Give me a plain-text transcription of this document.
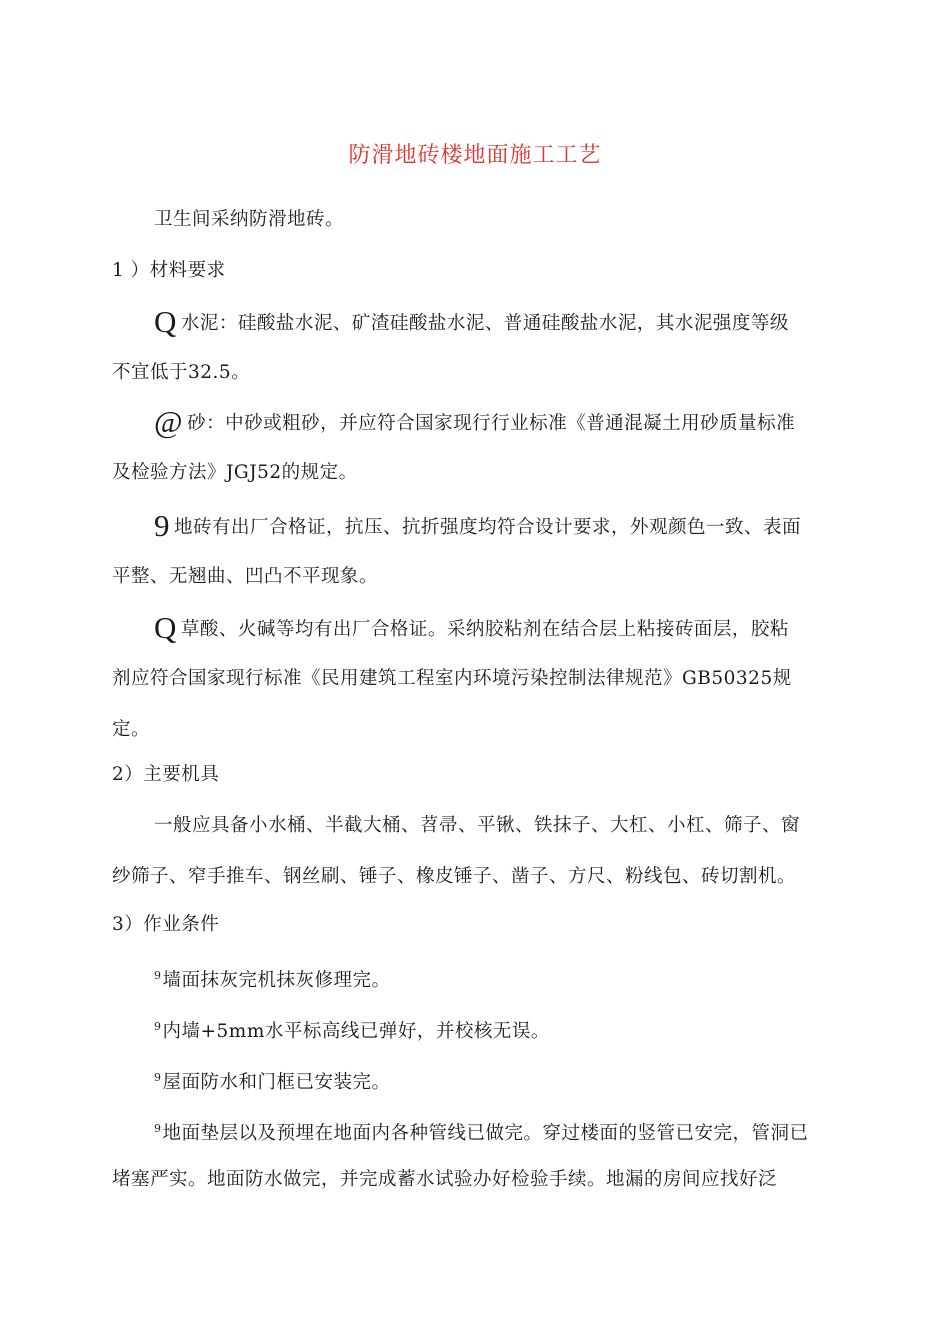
防滑地砖楼地面施工工艺
卫生间采纳防滑地砖。
1 ）材料要求
Q水泥：硅酸盐水泥、矿渣硅酸盐水泥、普通硅酸盐水泥，其水泥强度等级
不宜低于32.5。
@ 砂：中砂或粗砂，并应符合国家现行行业标准《普通混凝土用砂质量标准
及检验方法》JGJ52的规定。
9 地砖有出厂合格证，抗压、抗折强度均符合设计要求，外观颜色一致、表面
平整、无翘曲、凹凸不平现象。
Q草酸、火碱等均有出厂合格证。采纳胶粘剂在结合层上粘接砖面层，胶粘
剂应符合国家现行标准《民用建筑工程室内环境污染控制法律规范》GB50325规
定。
2）主要机具
一般应具备小水桶、半截大桶、苕帚、平锹、铁抹子、大杠、小杠、筛子、窗
纱筛子、窄手推车、钢丝刷、锤子、橡皮锤子、凿子、方尺、粉线包、砖切割机。
3）作业条件
$^9$墙面抹灰完机抹灰修理完。
$^9$内墙+5mm水平标高线已弹好，并校核无误。
$^9$屋面防水和门框已安装完。
$^9$地面垫层以及预埋在地面内各种管线已做完。穿过楼面的竖管已安完，管洞已
堵塞严实。地面防水做完，并完成蓄水试验办好检验手续。地漏的房间应找好泛
